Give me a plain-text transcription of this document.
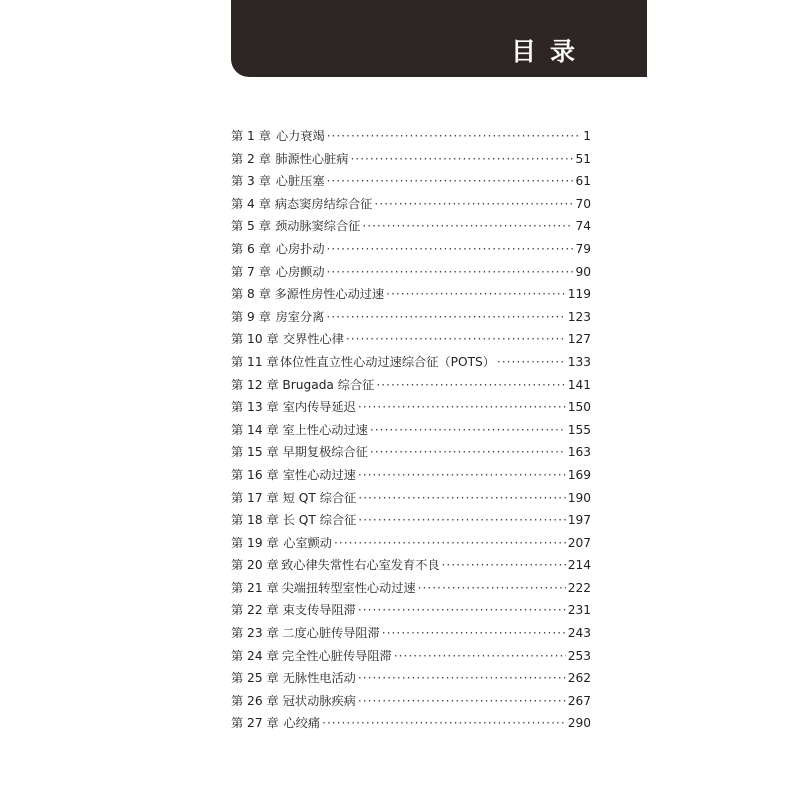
目录
第 1 章 心力衰竭 ·····	1
第 2 章 肺源性心脏病 ·····	51
第 3 章 心脏压塞 ·····	61
第 4 章 病态窦房结综合征 ·····	70
第 5 章 颈动脉窦综合征 ·····	74
第 6 章 心房扑动 ·····	79
第 7 章 心房颤动 ·····	90
第 8 章 多源性房性心动过速 ·····	119
第 9 章 房室分离 ·····	123
第 10 章 交界性心律 ·····	127
第 11 章 体位性直立性心动过速综合征（POTS） ·····	133
第 12 章 Brugada 综合征 ·····	141
第 13 章 室内传导延迟 ·····	150
第 14 章 室上性心动过速 ·····	155
第 15 章 早期复极综合征 ·····	163
第 16 章 室性心动过速 ·····	169
第 17 章 短 QT 综合征 ·····	190
第 18 章 长 QT 综合征 ·····	197
第 19 章 心室颤动 ·····	207
第 20 章 致心律失常性右心室发育不良 ·····	214
第 21 章 尖端扭转型室性心动过速 ·····	222
第 22 章 束支传导阻滞 ·····	231
第 23 章 二度心脏传导阻滞 ·····	243
第 24 章 完全性心脏传导阻滞 ·····	253
第 25 章 无脉性电活动 ·····	262
第 26 章 冠状动脉疾病 ·····	267
第 27 章 心绞痛 ·····	290
